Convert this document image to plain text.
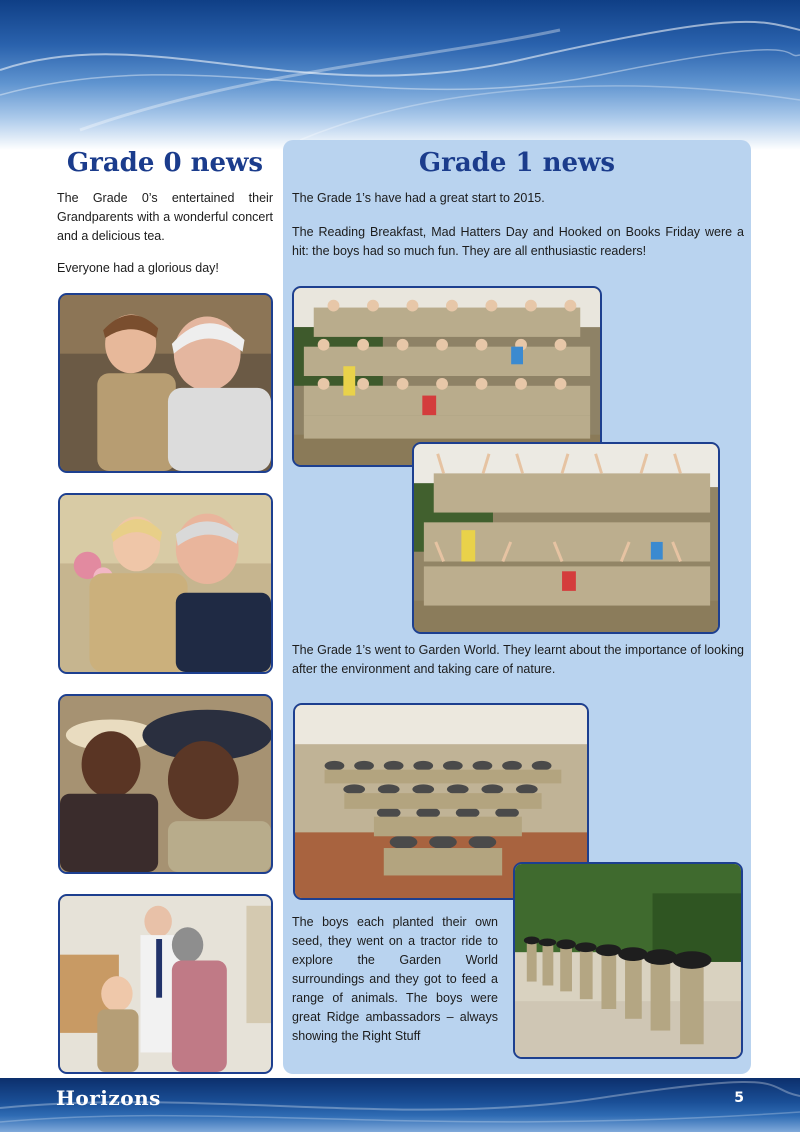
Grade 0 news

The Grade 0’s entertained their Grandparents with a wonderful concert and a delicious tea.

Everyone had a glorious day!

Grade 1 news

The Grade 1’s have had a great start to 2015.

The Reading Breakfast, Mad Hatters Day and Hooked on Books Friday were a hit: the boys had so much fun. They are all enthusiastic readers!

The Grade 1’s went to Garden World. They learnt about the importance of looking after the environment and taking care of nature.

The boys each planted their own seed, they went on a tractor ride to explore the Garden World surroundings and they got to feed a range of animals. The boys were great Ridge ambassadors – always showing the Right Stuff

Horizons	5
